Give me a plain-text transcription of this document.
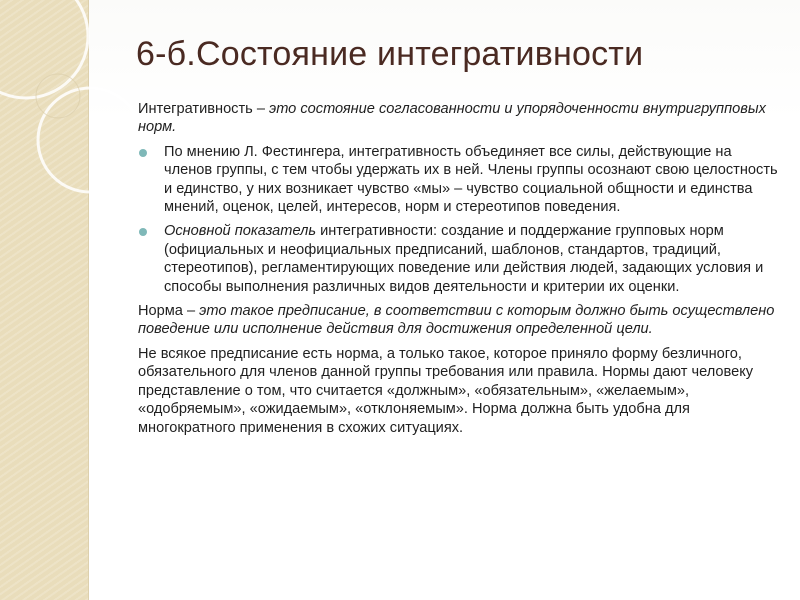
6-б.Состояние интегративности

Интегративность – это состояние согласованности и упорядоченности внутригрупповых норм.

По мнению Л. Фестингера, интегративность объединяет все силы, действующие на членов группы, с тем чтобы удержать их в ней. Члены группы осознают свою целостность и единство, у них возникает чувство «мы» – чувство социальной общности и единства мнений, оценок, целей, интересов, норм и стереотипов поведения.
Основной показатель интегративности: создание и поддержание групповых норм (официальных и неофициальных предписаний, шаблонов, стандартов, традиций, стереотипов), регламентирующих поведение или действия людей, задающих условия и способы выполнения различных видов деятельности и критерии их оценки.

Норма – это такое предписание, в соответствии с которым должно быть осуществлено поведение или исполнение действия для достижения определенной цели.

Не всякое предписание есть норма, а только такое, которое приняло форму безличного, обязательного для членов данной группы требования или правила. Нормы дают человеку представление о том, что считается «должным», «обязательным», «желаемым», «одобряемым», «ожидаемым», «отклоняемым». Норма должна быть удобна для многократного применения в схожих ситуациях.
